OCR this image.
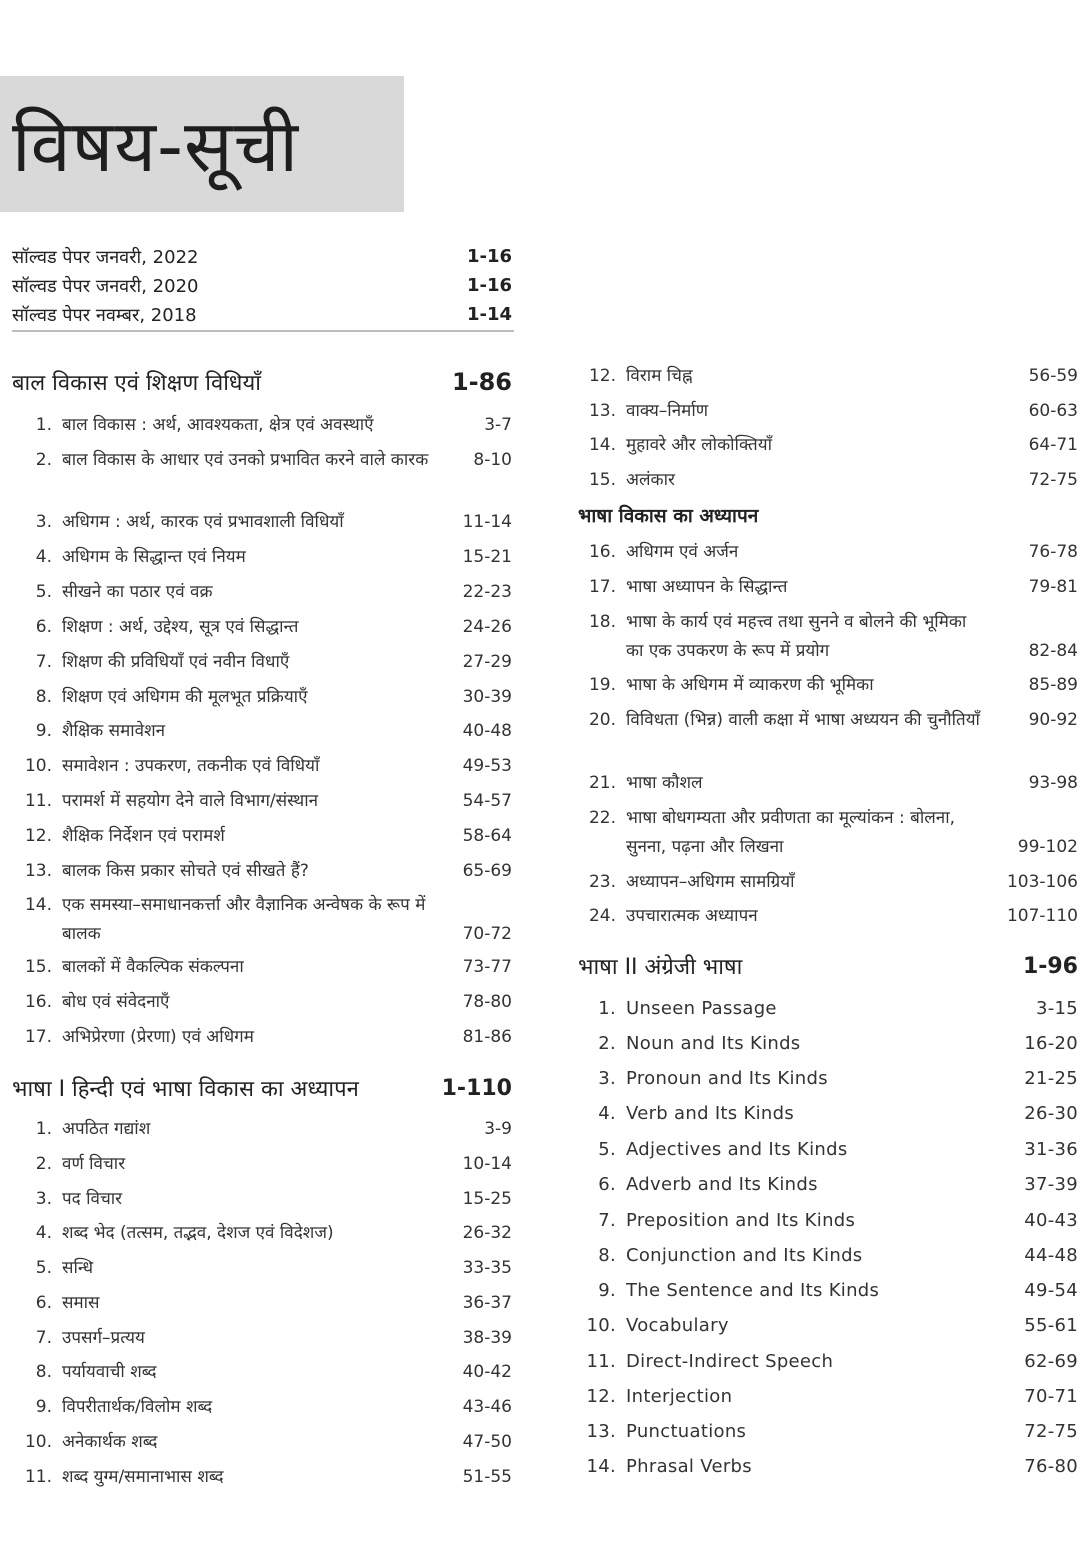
विषय-सूची
सॉल्वड पेपर जनवरी, 2022	1-16
सॉल्वड पेपर जनवरी, 2020	1-16
सॉल्वड पेपर नवम्बर, 2018	1-14
बाल विकास एवं शिक्षण विधियाँ	1-86
1. बाल विकास : अर्थ, आवश्यकता, क्षेत्र एवं अवस्थाएँ	3-7
2. बाल विकास के आधार एवं उनको प्रभावित करने वाले कारक	8-10
3. अधिगम : अर्थ, कारक एवं प्रभावशाली विधियाँ	11-14
4. अधिगम के सिद्धान्त एवं नियम	15-21
5. सीखने का पठार एवं वक्र	22-23
6. शिक्षण : अर्थ, उद्देश्य, सूत्र एवं सिद्धान्त	24-26
7. शिक्षण की प्रविधियाँ एवं नवीन विधाएँ	27-29
8. शिक्षण एवं अधिगम की मूलभूत प्रक्रियाएँ	30-39
9. शैक्षिक समावेशन	40-48
10. समावेशन : उपकरण, तकनीक एवं विधियाँ	49-53
11. परामर्श में सहयोग देने वाले विभाग/संस्थान	54-57
12. शैक्षिक निर्देशन एवं परामर्श	58-64
13. बालक किस प्रकार सोचते एवं सीखते हैं?	65-69
14. एक समस्या–समाधानकर्त्ता और वैज्ञानिक अन्वेषक के रूप में बालक	70-72
15. बालकों में वैकल्पिक संकल्पना	73-77
16. बोध एवं संवेदनाएँ	78-80
17. अभिप्रेरणा (प्रेरणा) एवं अधिगम	81-86
भाषा I हिन्दी एवं भाषा विकास का अध्यापन	1-110
1. अपठित गद्यांश	3-9
2. वर्ण विचार	10-14
3. पद विचार	15-25
4. शब्द भेद (तत्सम, तद्भव, देशज एवं विदेशज)	26-32
5. सन्धि	33-35
6. समास	36-37
7. उपसर्ग–प्रत्यय	38-39
8. पर्यायवाची शब्द	40-42
9. विपरीतार्थक/विलोम शब्द	43-46
10. अनेकार्थक शब्द	47-50
11. शब्द युग्म/समानाभास शब्द	51-55
12. विराम चिह्न	56-59
13. वाक्य–निर्माण	60-63
14. मुहावरे और लोकोक्तियाँ	64-71
15. अलंकार	72-75
भाषा विकास का अध्यापन
16. अधिगम एवं अर्जन	76-78
17. भाषा अध्यापन के सिद्धान्त	79-81
18. भाषा के कार्य एवं महत्त्व तथा सुनने व बोलने की भूमिका का एक उपकरण के रूप में प्रयोग	82-84
19. भाषा के अधिगम में व्याकरण की भूमिका	85-89
20. विविधता (भिन्न) वाली कक्षा में भाषा अध्ययन की चुनौतियाँ	90-92
21. भाषा कौशल	93-98
22. भाषा बोधगम्यता और प्रवीणता का मूल्यांकन : बोलना, सुनना, पढ़ना और लिखना	99-102
23. अध्यापन–अधिगम सामग्रियाँ	103-106
24. उपचारात्मक अध्यापन	107-110
भाषा II अंग्रेजी भाषा	1-96
1. Unseen Passage	3-15
2. Noun and Its Kinds	16-20
3. Pronoun and Its Kinds	21-25
4. Verb and Its Kinds	26-30
5. Adjectives and Its Kinds	31-36
6. Adverb and Its Kinds	37-39
7. Preposition and Its Kinds	40-43
8. Conjunction and Its Kinds	44-48
9. The Sentence and Its Kinds	49-54
10. Vocabulary	55-61
11. Direct-Indirect Speech	62-69
12. Interjection	70-71
13. Punctuations	72-75
14. Phrasal Verbs	76-80
